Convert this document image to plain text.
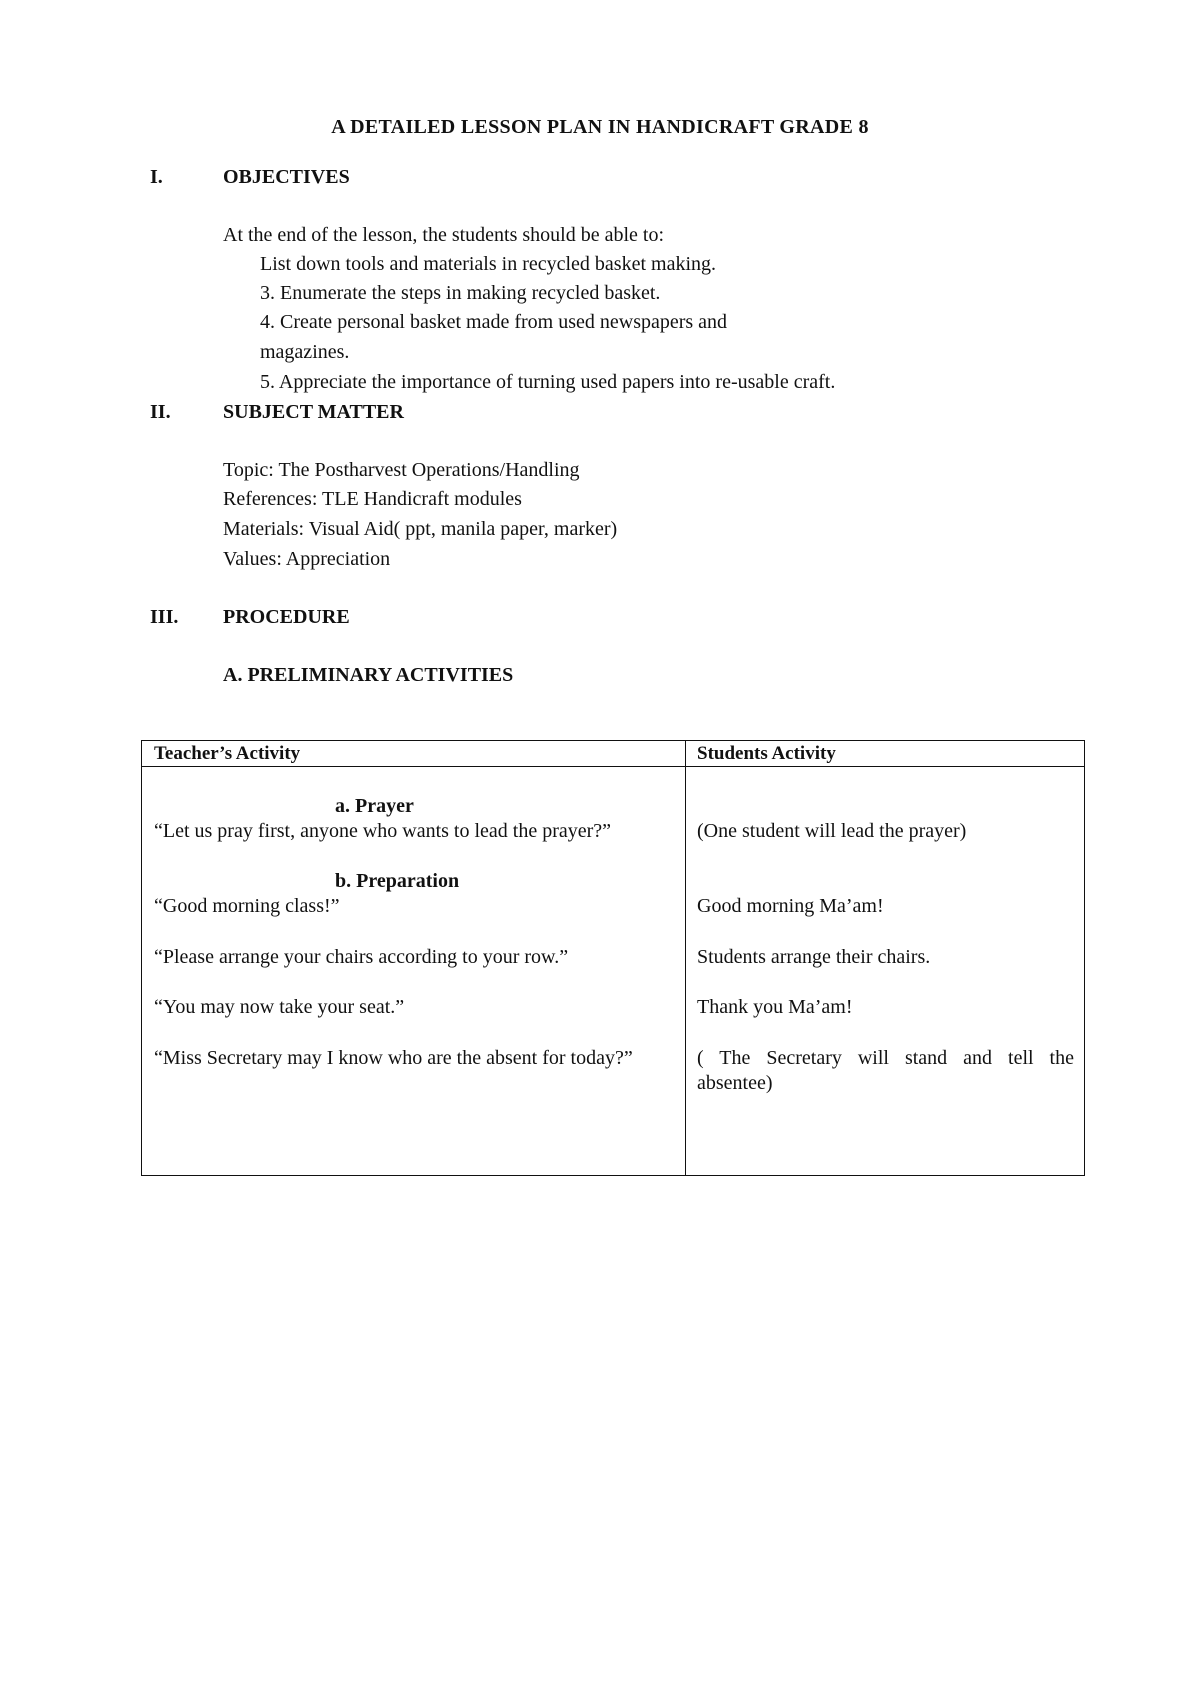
A DETAILED LESSON PLAN IN HANDICRAFT GRADE 8
I.	OBJECTIVES
At the end of the lesson, the students should be able to:
List down tools and materials in recycled basket making.
3. Enumerate the steps in making recycled basket.
4. Create personal basket made from used newspapers and
magazines.
5. Appreciate the importance of turning used papers into re-usable craft.
II.	SUBJECT MATTER
Topic: The Postharvest Operations/Handling
References: TLE Handicraft modules
Materials: Visual Aid( ppt, manila paper, marker)
Values: Appreciation
III. PROCEDURE
A. PRELIMINARY ACTIVITIES
Teacher’s Activity	Students Activity
a. Prayer
“Let us pray first, anyone who wants to lead the prayer?”	(One student will lead the prayer)
b. Preparation
“Good morning class!”	Good morning Ma’am!
“Please arrange your chairs according to your row.”	Students arrange their chairs.
“You may now take your seat.”	Thank you Ma’am!
“Miss Secretary may I know who are the absent for today?”	( The Secretary will stand and tell the absentee)
